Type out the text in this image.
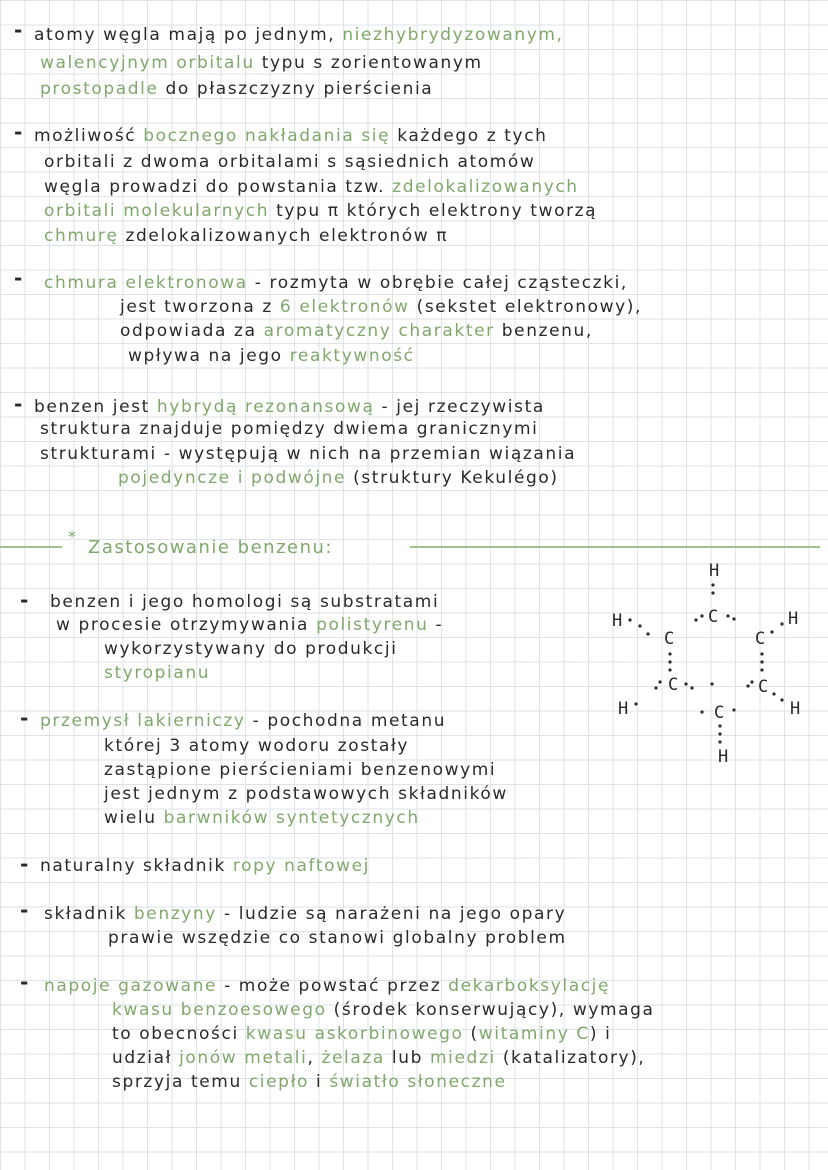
- atomy węgla mają po jednym, niezhybrydyzowanym,
walencyjnym orbitalu typu s zorientowanym
prostopadle do płaszczyzny pierścienia
- możliwość bocznego nakładania się każdego z tych
orbitali z dwoma orbitalami s sąsiednich atomów
węgla prowadzi do powstania tzw. zdelokalizowanych
orbitali molekularnych typu π których elektrony tworzą
chmurę zdelokalizowanych elektronów π
- chmura elektronowa - rozmyta w obrębie całej cząsteczki,
jest tworzona z 6 elektronów (sekstet elektronowy),
odpowiada za aromatyczny charakter benzenu,
wpływa na jego reaktywność
- benzen jest hybrydą rezonansową - jej rzeczywista
struktura znajduje pomiędzy dwiema granicznymi
strukturami - występują w nich na przemian wiązania
pojedyncze i podwójne (struktury Kekulégo)
*
Zastosowanie benzenu:
- benzen i jego homologi są substratami
w procesie otrzymywania polistyrenu -
wykorzystywany do produkcji
styropianu
- przemysł lakierniczy - pochodna metanu
której 3 atomy wodoru zostały
zastąpione pierścieniami benzenowymi
jest jednym z podstawowych składników
wielu barwników syntetycznych
- naturalny składnik ropy naftowej
- składnik benzyny - ludzie są narażeni na jego opary
prawie wszędzie co stanowi globalny problem
- napoje gazowane - może powstać przez dekarboksylację
kwasu benzoesowego (środek konserwujący), wymaga
to obecności kwasu askorbinowego (witaminy C) i
udział jonów metali, żelaza lub miedzi (katalizatory),
sprzyja temu ciepło i światło słoneczne
H
H	H
H	H
H
C
C	C
C	C
C
